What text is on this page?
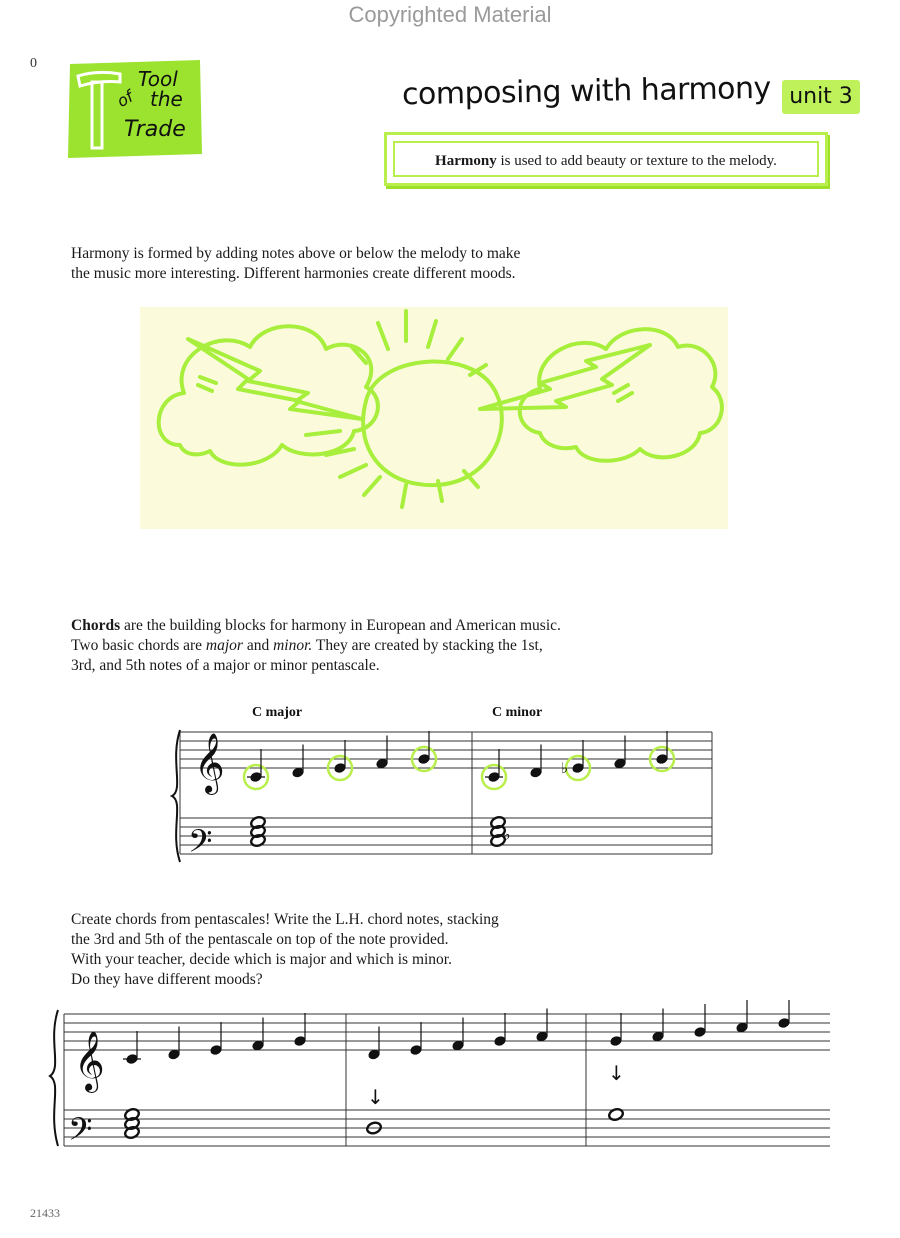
Copyrighted Material
0
21433
Tool
of the
Trade
composing with harmony unit 3
Harmony is used to add beauty or texture to the melody.
Harmony is formed by adding notes above or below the melody to make
the music more interesting. Different harmonies create different moods.
Chords are the building blocks for harmony in European and American music.
Two basic chords are major and minor. They are created by stacking the 1st,
3rd, and 5th notes of a major or minor pentascale.
C major	C minor
𝄞
𝄢
♭
♭
Create chords from pentascales! Write the L.H. chord notes, stacking
the 3rd and 5th of the pentascale on top of the note provided.
With your teacher, decide which is major and which is minor.
Do they have different moods?
𝄞
𝄢
↓
↓
